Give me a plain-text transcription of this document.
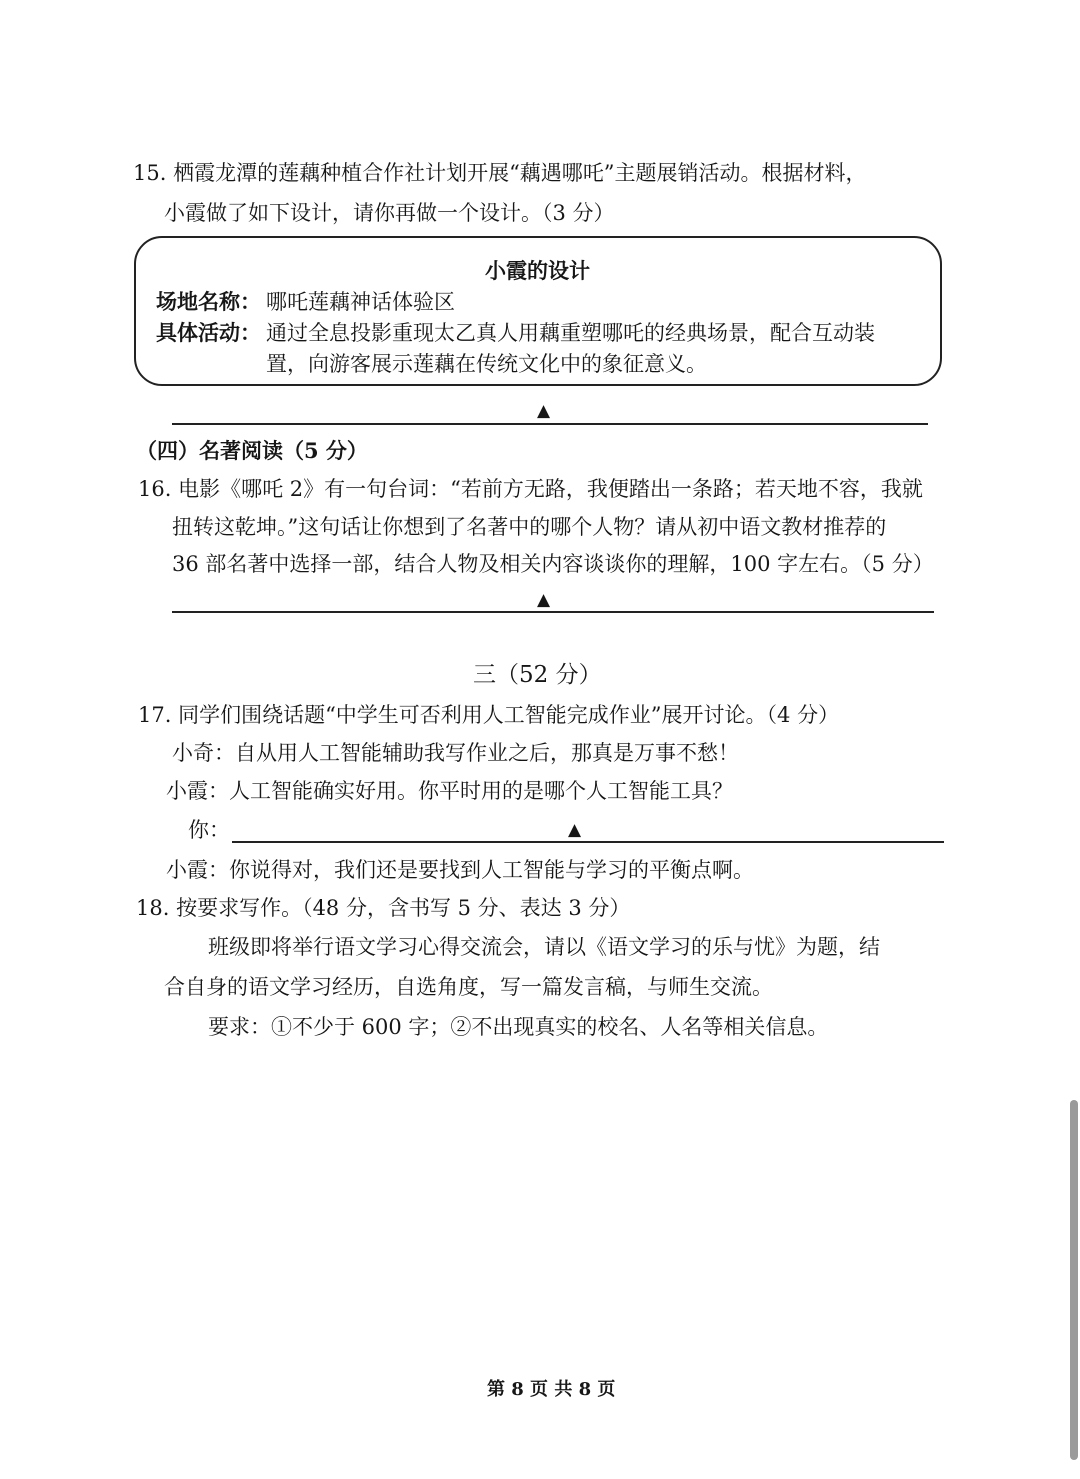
15. 栖霞龙潭的莲藕种植合作社计划开展“藕遇哪吒”主题展销活动。根据材料，
小霞做了如下设计，请你再做一个设计。（3 分）
小霞的设计
场地名称： 哪吒莲藕神话体验区
具体活动： 通过全息投影重现太乙真人用藕重塑哪吒的经典场景，配合互动装
置，向游客展示莲藕在传统文化中的象征意义。
▲
（四）名著阅读（5 分）
16. 电影《哪吒 2》有一句台词：“若前方无路，我便踏出一条路；若天地不容，我就
扭转这乾坤。”这句话让你想到了名著中的哪个人物？请从初中语文教材推荐的
36 部名著中选择一部，结合人物及相关内容谈谈你的理解，100 字左右。（5 分）
▲
三（52 分）
17. 同学们围绕话题“中学生可否利用人工智能完成作业”展开讨论。（4 分）
小奇：自从用人工智能辅助我写作业之后，那真是万事不愁！
小霞：人工智能确实好用。你平时用的是哪个人工智能工具？
你：	▲
小霞：你说得对，我们还是要找到人工智能与学习的平衡点啊。
18. 按要求写作。（48 分，含书写 5 分、表达 3 分）
班级即将举行语文学习心得交流会，请以《语文学习的乐与忧》为题，结
合自身的语文学习经历，自选角度，写一篇发言稿，与师生交流。
要求：①不少于 600 字；②不出现真实的校名、人名等相关信息。
第 8 页 共 8 页
